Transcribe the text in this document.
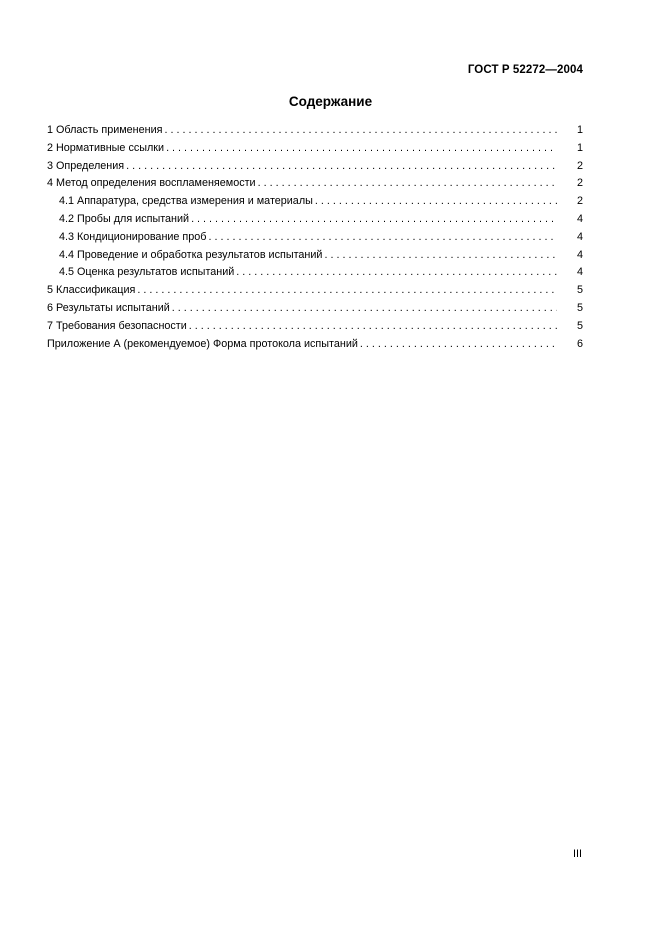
ГОСТ Р 52272—2004
Содержание
1 Область применения . . .	1
2 Нормативные ссылки . . .	1
3 Определения . . .	2
4 Метод определения воспламеняемости . . .	2
4.1 Аппаратура, средства измерения и материалы . . .	2
4.2 Пробы для испытаний . . .	4
4.3 Кондиционирование проб . . .	4
4.4 Проведение и обработка результатов испытаний . . .	4
4.5 Оценка результатов испытаний . . .	4
5 Классификация . . .	5
6 Результаты испытаний . . .	5
7 Требования безопасности . . .	5
Приложение А (рекомендуемое) Форма протокола испытаний . . .	6
III
